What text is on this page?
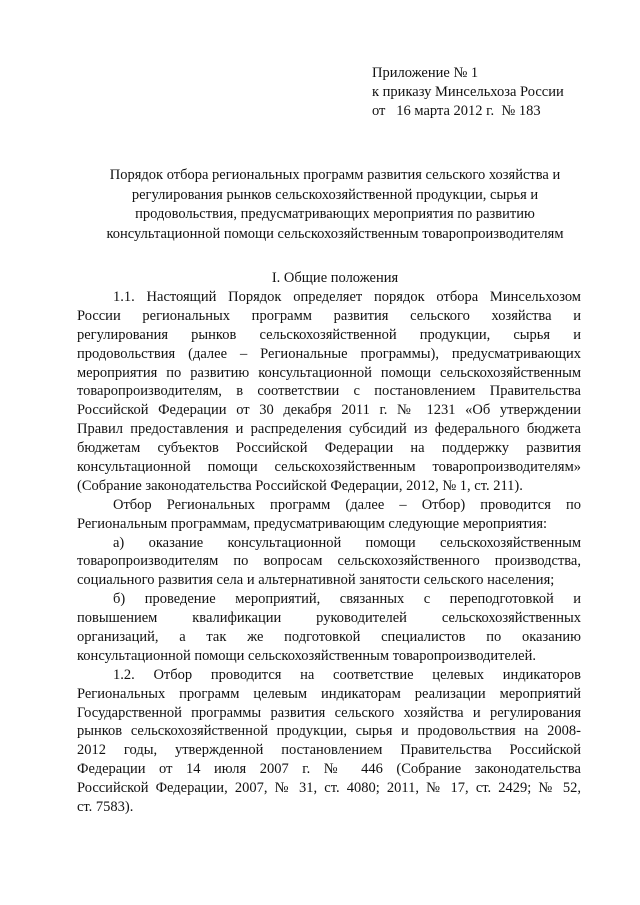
Приложение № 1
к приказу Минсельхоза России
от   16 марта 2012 г.  № 183
Порядок отбора региональных программ развития сельского хозяйства и
регулирования рынков сельскохозяйственной продукции, сырья и
продовольствия, предусматривающих мероприятия по развитию
консультационной помощи сельскохозяйственным товаропроизводителям
I. Общие положения
1.1. Настоящий Порядок определяет порядок отбора Минсельхозом
России региональных программ развития сельского хозяйства и
регулирования рынков сельскохозяйственной продукции, сырья и
продовольствия (далее – Региональные программы), предусматривающих
мероприятия по развитию консультационной помощи сельскохозяйственным
товаропроизводителям, в соответствии с постановлением Правительства
Российской Федерации от 30 декабря 2011 г. № 1231 «Об утверждении
Правил предоставления и распределения субсидий из федерального бюджета
бюджетам субъектов Российской Федерации на поддержку развития
консультационной помощи сельскохозяйственным товаропроизводителям»
(Собрание законодательства Российской Федерации, 2012, № 1, ст. 211).
Отбор Региональных программ (далее – Отбор) проводится по
Региональным программам, предусматривающим следующие мероприятия:
а) оказание консультационной помощи сельскохозяйственным
товаропроизводителям по вопросам сельскохозяйственного производства,
социального развития села и альтернативной занятости сельского населения;
б) проведение мероприятий, связанных с переподготовкой и
повышением квалификации руководителей сельскохозяйственных
организаций, а так же подготовкой специалистов по оказанию
консультационной помощи сельскохозяйственным товаропроизводителей.
1.2. Отбор проводится на соответствие целевых индикаторов
Региональных программ целевым индикаторам реализации мероприятий
Государственной программы развития сельского хозяйства и регулирования
рынков сельскохозяйственной продукции, сырья и продовольствия на 2008-
2012 годы, утвержденной постановлением Правительства Российской
Федерации от 14 июля 2007 г. № 446 (Собрание законодательства
Российской Федерации, 2007, № 31, ст. 4080; 2011, № 17, ст. 2429; № 52,
ст. 7583).
